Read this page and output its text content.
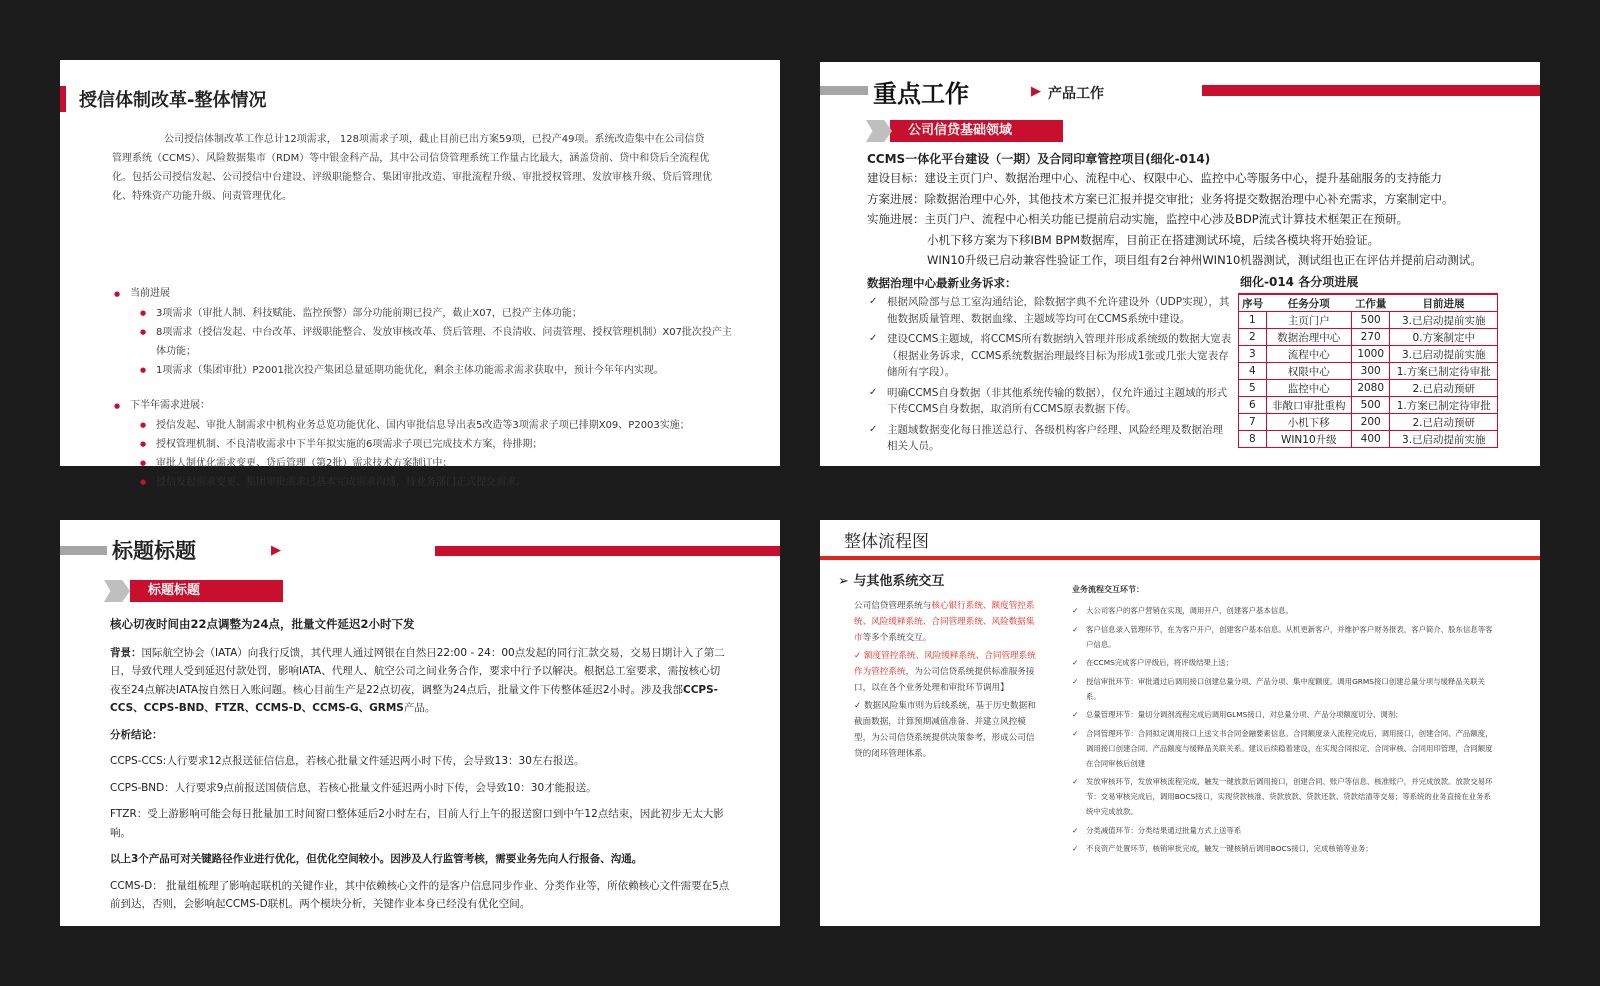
授信体制改革-整体情况
公司授信体制改革工作总计12项需求， 128项需求子项，截止目前已出方案59项，已投产49项。系统改造集中在公司信贷管理系统（CCMS）、风险数据集市（RDM）等中银金科产品，其中公司信贷管理系统工作量占比最大，涵盖贷前、贷中和贷后全流程优化。包括公司授信发起、公司授信中台建设、评级职能整合、集团审批改造、审批流程升级、审批授权管理、发放审核升级、贷后管理优化、特殊资产功能升级、问责管理优化。
● 当前进展
● 3项需求（审批人制、科技赋能、监控预警）部分功能前期已投产，截止X07，已投产主体功能；
● 8项需求（授信发起、中台改革、评级职能整合、发放审核改革、贷后管理、不良清收、问责管理、授权管理机制）X07批次投产主体功能；
● 1项需求（集团审批）P2001批次投产集团总量延期功能优化，剩余主体功能需求需求获取中，预计今年年内实现。
● 下半年需求进展：
● 授信发起、审批人制需求中机构业务总览功能优化、国内审批信息导出表5改造等3项需求子项已排期X09、P2003实施；
● 授权管理机制、不良清收需求中下半年拟实施的6项需求子项已完成技术方案，待排期；
● 审批人制优化需求变更、贷后管理（第2批）需求技术方案制订中；
● 授信发起需求变更、集团审批需求已基本完成需求沟通，待业务部门正式提交需求。
重点工作	▶ 产品工作
公司信贷基础领域
CCMS一体化平台建设（一期）及合同印章管控项目(细化-014)
建设目标：建设主页门户、数据治理中心、流程中心、权限中心、监控中心等服务中心，提升基础服务的支持能力
方案进展：除数据治理中心外，其他技术方案已汇报并提交审批；业务将提交数据治理中心补充需求，方案制定中。
实施进展：主页门户、流程中心相关功能已提前启动实施，监控中心涉及BDP流式计算技术框架正在预研。
小机下移方案为下移IBM BPM数据库，目前正在搭建测试环境，后续各模块将开始验证。
WIN10升级已启动兼容性验证工作，项目组有2台神州WIN10机器测试，测试组也正在评估并提前启动测试。
数据治理中心最新业务诉求：
✓ 根据风险部与总工室沟通结论，除数据字典不允许建设外（UDP实现），其他数据质量管理、数据血缘、主题域等均可在CCMS系统中建设。
✓ 建设CCMS主题域，将CCMS所有数据纳入管理并形成系统级的数据大宽表（根据业务诉求，CCMS系统数据治理最终目标为形成1张或几张大宽表存储所有字段）。
✓ 明确CCMS自身数据（非其他系统传输的数据），仅允许通过主题域的形式下传CCMS自身数据，取消所有CCMS原表数据下传。
✓ 主题域数据变化每日推送总行、各级机构客户经理、风险经理及数据治理相关人员。
细化-014 各分项进展
序号	任务分项	工作量	目前进展
1	主页门户	500	3.已启动提前实施
2	数据治理中心	270	0.方案制定中
3	流程中心	1000	3.已启动提前实施
4	权限中心	300	1.方案已制定待审批
5	监控中心	2080	2.已启动预研
6	非敞口审批重构	500	1.方案已制定待审批
7	小机下移	200	2.已启动预研
8	WIN10升级	400	3.已启动提前实施
标题标题	▶
标题标题

核心切夜时间由22点调整为24点，批量文件延迟2小时下发

背景：国际航空协会（IATA）向我行反馈，其代理人通过网银在自然日22:00 - 24：00点发起的同行汇款交易，交易日期计入了第二日，导致代理人受到延迟付款处罚，影响IATA、代理人、航空公司之间业务合作，要求中行予以解决。根据总工室要求，需按核心切夜至24点解决IATA按自然日入账问题。核心目前生产是22点切夜，调整为24点后，批量文件下传整体延迟2小时。涉及我部CCPS-CCS、CCPS-BND、FTZR、CCMS-D、CCMS-G、GRMS产品。

分析结论：

CCPS-CCS:人行要求12点报送征信信息，若核心批量文件延迟两小时下传，会导致13：30左右报送。

CCPS-BND：人行要求9点前报送国债信息，若核心批量文件延迟两小时下传，会导致10：30才能报送。

FTZR：受上游影响可能会每日批量加工时间窗口整体延后2小时左右，目前人行上午的报送窗口到中午12点结束，因此初步无太大影响。

以上3个产品可对关键路径作业进行优化，但优化空间较小。因涉及人行监管考核，需要业务先向人行报备、沟通。

CCMS-D： 批量组梳理了影响起联机的关键作业，其中依赖核心文件的是客户信息同步作业、分类作业等，所依赖核心文件需要在5点前到达，否则，会影响起CCMS-D联机。两个模块分析，关键作业本身已经没有优化空间。

整体流程图
➢ 与其他系统交互
公司信贷管理系统与核心银行系统、额度管控系统、风险缓释系统、合同管理系统、风险数据集市等多个系统交互。
✓ 额度管控系统、风险缓释系统、合同管理系统作为管控系统，为公司信贷系统提供标准服务接口，以在各个业务处理和审批环节调用】
✓ 数据风险集市则为后线系统，基于历史数据和截面数据，计算预期减值准备、并建立风控模型，为公司信贷系统提供决策参考，形成公司信贷的闭环管理体系。
业务流程交互环节：
✓ 大公司客户的客户营销在实现，调用开户，创建客户基本信息。
✓ 客户信息录入管理环节，在为客户开户，创建客户基本信息。从机更新客户，并维护客户财务报表，客户简介、股东信息等客户信息。
✓ 在CCMS完成客户评级后，将评级结果上送；
✓ 授信审批环节：审批通过后调用接口创建总量分项、产品分项、集中度额度。调用GRMS接口创建总量分项与缓释品关联关系。
✓ 总量管理环节：量切分调剂流程完成后调用GLMS接口，对总量分项、产品分项额度切分、调剂；
✓ 合同管理环节：合同拟定调用接口上送文书合同金融要素信息。合同额度录入流程完成后，调用接口，创建合同、产品额度，调用接口创建合同、产品额度与缓释品关联关系。建议后续稳着建设，在实现合同拟定、合同审核、合同用印管理，合同额度在合同审核后创建
✓ 发放审核环节，发放审核流程完成，触发一键放款后调用接口，创建合同、账户等信息、核准账户，并完成放款。放款交易环节：交易审核完成后，调用BOCS接口，实现贷款核准、贷款放款、贷款还款、贷款结清等交易；等系统的业务直接在业务系统中完成放款。
✓ 分类减值环节：分类结果通过批量方式上送等系
✓ 不良资产处置环节，核销审批完成，触发一键核销后调用BOCS接口，完成核销等业务；
